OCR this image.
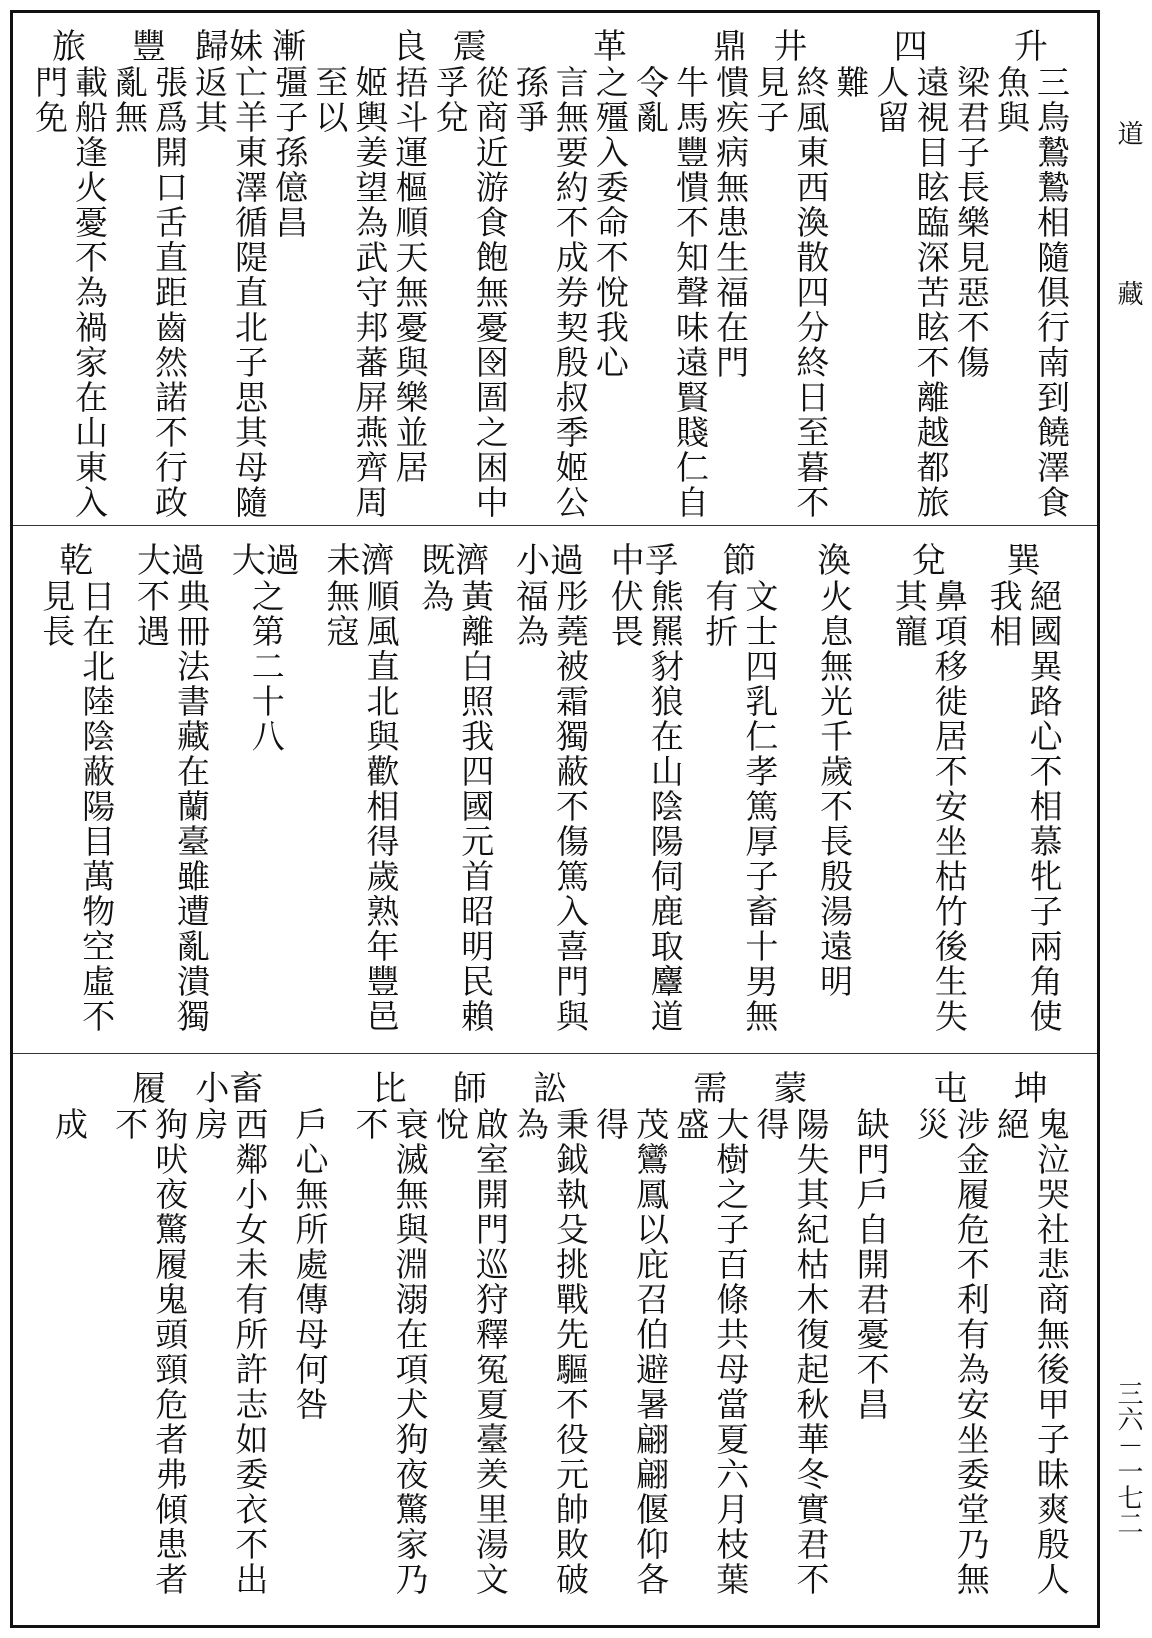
升
三鳥鷙鷙相隨俱行南到饒澤食魚與
梁君子長樂見惡不傷
四
遠視目眩臨深苦眩不離越都旅人留
難
井
終風東西渙散四分終日至暮不見子
鼎
憒疾病無患生福在門
牛馬豐憒不知聲味遠賢賤仁自令亂
革
之殭入委命不悅我心
言無要約不成券契殷叔季姬公孫爭
震
從商近游食飽無憂囹圄之困中孚兌
良
捂斗運樞順天無憂與樂並居
姬輿姜望為武守邦蕃屏燕齊周至以
漸
彊子孫億昌
歸妹
亡羊東澤循隄直北子思其母隨返其
豐
張爲開口舌直距齒然諾不行政亂無
旅
載船逢火憂不為禍家在山東入門免
巽
絕國異路心不相慕牝子兩角使我相
兌
鼻項移徙居不安坐枯竹後生失其寵
渙
火息無光千歲不長殷湯遠明
節
文士四乳仁孝篤厚子畜十男無有折
中孚
熊羆豺狼在山陰陽伺鹿取麞道伏畏
小過
彤蕘被霜獨蔽不傷篤入喜門與福為
既濟
黃離白照我四國元首昭明民賴為
未濟
順風直北與歡相得歲熟年豐邑無寇
大過
之第二十八
大過
典冊法書藏在蘭臺雖遭亂潰獨不遇
乾
日在北陸陰蔽陽目萬物空虛不見長
坤
鬼泣哭社悲商無後甲子昧爽殷人絕
屯
涉金履危不利有為安坐委堂乃無災
缺門戶自開君憂不昌
蒙
陽失其紀枯木復起秋華冬實君不得
需
大樹之子百條共母當夏六月枝葉盛
茂鸞鳳以庇召伯避暑翩翩偃仰各得
訟
秉鉞執殳挑戰先驅不役元帥敗破為
師
啟室開門巡狩釋冤夏臺羑里湯文悅
比
衰滅無與淵溺在項犬狗夜驚家乃不
戶心無所處傳母何咎
小畜
西鄰小女未有所許志如委衣不出房
履
狗吠夜驚履鬼頭頸危者弗傾患者不
成
道
藏
三六－一七二
